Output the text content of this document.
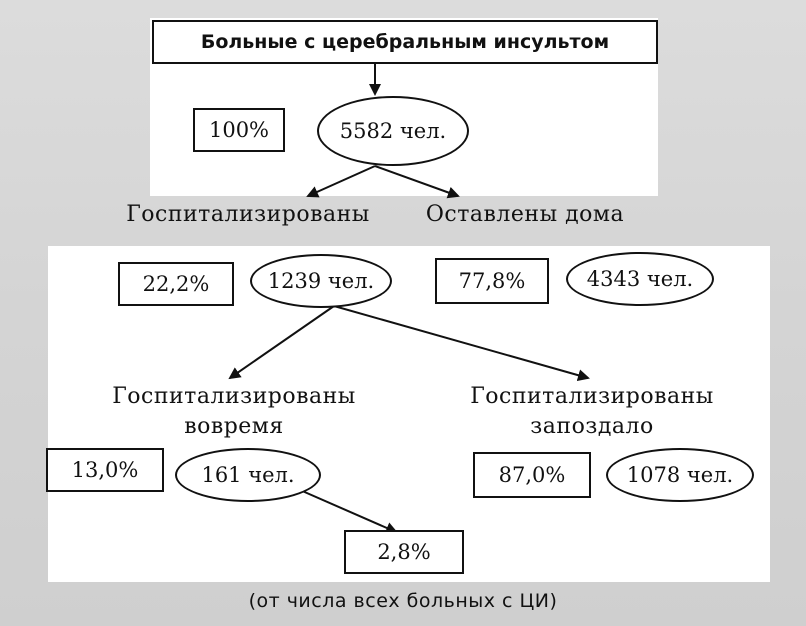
Больные с церебральным инсультом
100%	5582 чел.
Госпитализированы	Оставлены дома
22,2%	1239 чел.	77,8%	4343 чел.
Госпитализированы
вовремя
Госпитализированы
запоздало
13,0%	161 чел.	87,0%	1078 чел.
2,8%
(от числа всех больных с ЦИ)
